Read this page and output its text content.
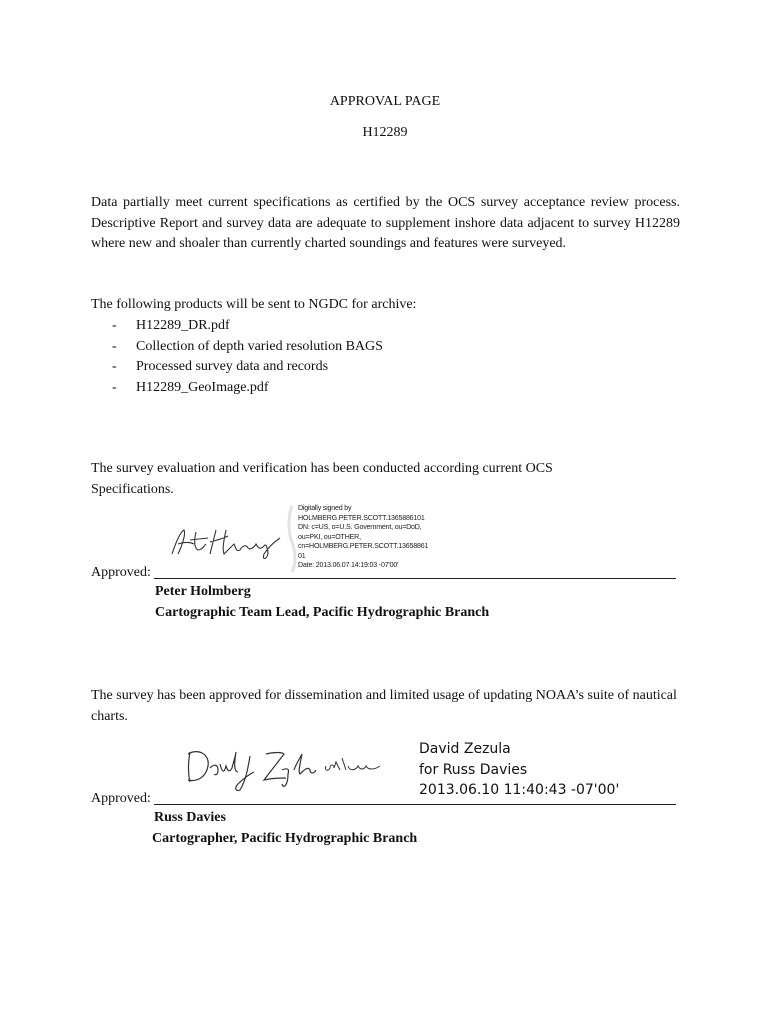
APPROVAL PAGE
H12289
Data partially meet current specifications as certified by the OCS survey acceptance review process. Descriptive Report and survey data are adequate to supplement inshore data adjacent to survey H12289 where new and shoaler than currently charted soundings and features were surveyed.
The following products will be sent to NGDC for archive:
-	H12289_DR.pdf
-	Collection of depth varied resolution BAGS
-	Processed survey data and records
-	H12289_GeoImage.pdf
The survey evaluation and verification has been conducted according current OCS Specifications.
Digitally signed by
HOLMBERG.PETER.SCOTT.1365886101
DN: c=US, o=U.S. Government, ou=DoD,
ou=PKI, ou=OTHER,
cn=HOLMBERG.PETER.SCOTT.13658861
01
Date: 2013.06.07 14:19:03 -07'00'
Approved:
Peter Holmberg
Cartographic Team Lead, Pacific Hydrographic Branch
The survey has been approved for dissemination and limited usage of updating NOAA’s suite of nautical charts.
David Zezula
for Russ Davies
2013.06.10 11:40:43 -07'00'
Approved:
Russ Davies
Cartographer, Pacific Hydrographic Branch
